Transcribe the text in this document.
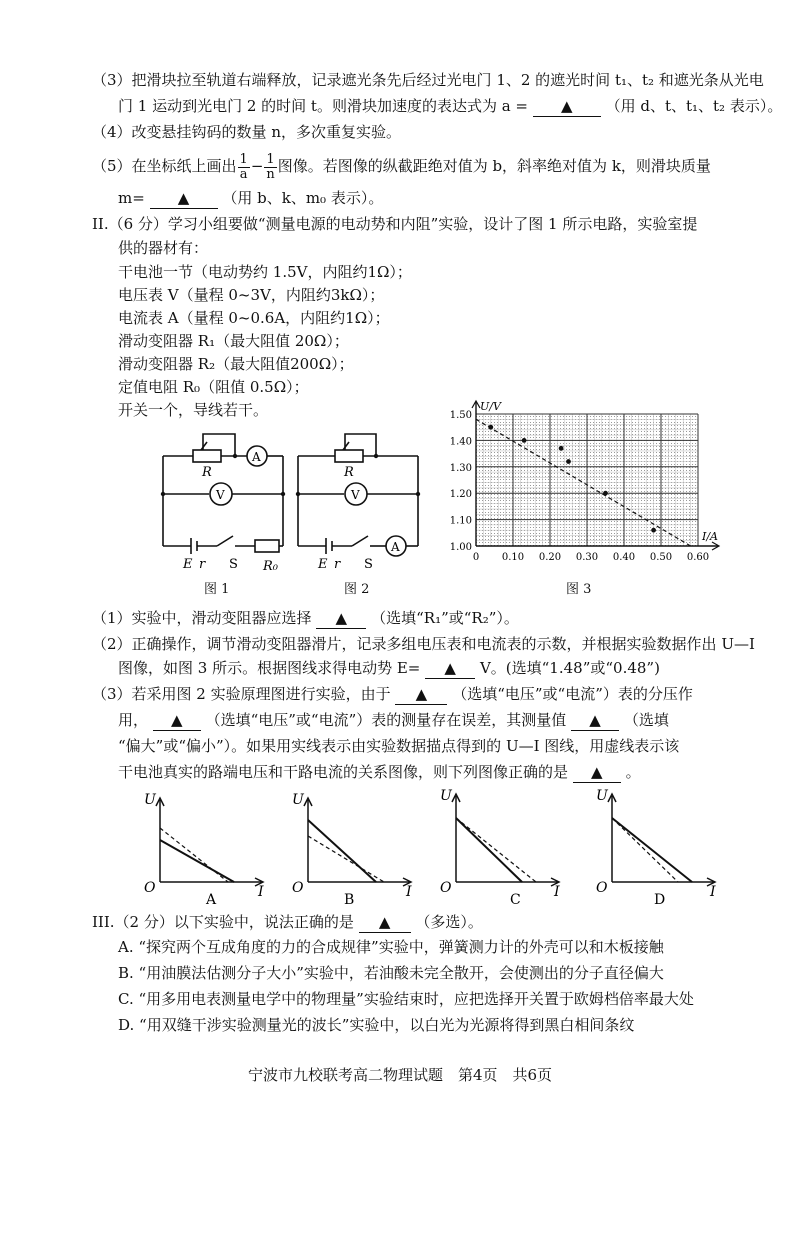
（3）把滑块拉至轨道右端释放，记录遮光条先后经过光电门 1、2 的遮光时间 t₁、t₂ 和遮光条从光电
门 1 运动到光电门 2 的时间 t。则滑块加速度的表达式为 a = ▲ （用 d、t、t₁、t₂ 表示）。
（4）改变悬挂钩码的数量 n，多次重复实验。
（5）在坐标纸上画出 $\frac{1}{a} - \frac{1}{n}$ 图像。若图像的纵截距绝对值为 b，斜率绝对值为 k，则滑块质量
m= ▲ （用 b、k、m₀ 表示）。
II.（6 分）学习小组要做“测量电源的电动势和内阻”实验，设计了图 1 所示电路，实验室提
供的器材有：
干电池一节（电动势约 1.5V，内阻约1Ω）；
电压表 V（量程 0~3V，内阻约3kΩ）；
电流表 A（量程 0~0.6A，内阻约1Ω）；
滑动变阻器 R₁（最大阻值 20Ω）；
滑动变阻器 R₂（最大阻值200Ω）；
定值电阻 R₀（阻值 0.5Ω）；
开关一个，导线若干。
R
A
V
E r S R₀
图 1
R
V
A
E r S
图 2
0 0.10 0.20 0.30 0.40 0.50 0.60
1.00
1.10
1.20
1.30
1.40
1.50
U/V
I/A
图 3
（1）实验中，滑动变阻器应选择 ▲ （选填“R₁”或“R₂”）。
（2）正确操作，调节滑动变阻器滑片，记录多组电压表和电流表的示数，并根据实验数据作出 U—I
图像，如图 3 所示。根据图线求得电动势 E= ▲ V。(选填“1.48”或“0.48”)
（3）若采用图 2 实验原理图进行实验，由于 ▲ （选填“电压”或“电流”）表的分压作
用， ▲ （选填“电压”或“电流”）表的测量存在误差，其测量值 ▲ （选填
“偏大”或“偏小”）。如果用实线表示由实验数据描点得到的 U—I 图线，用虚线表示该
干电池真实的路端电压和干路电流的关系图像，则下列图像正确的是 ▲ 。
U
O	I
A
U
O	I
B
U
O	I
C
U
O	I
D
III.（2 分）以下实验中，说法正确的是 ▲ （多选）。
A. “探究两个互成角度的力的合成规律”实验中，弹簧测力计的外壳可以和木板接触
B. “用油膜法估测分子大小”实验中，若油酸未完全散开，会使测出的分子直径偏大
C. “用多用电表测量电学中的物理量”实验结束时，应把选择开关置于欧姆档倍率最大处
D. “用双缝干涉实验测量光的波长”实验中，以白光为光源将得到黑白相间条纹
宁波市九校联考高二物理试题　第4页　共6页
